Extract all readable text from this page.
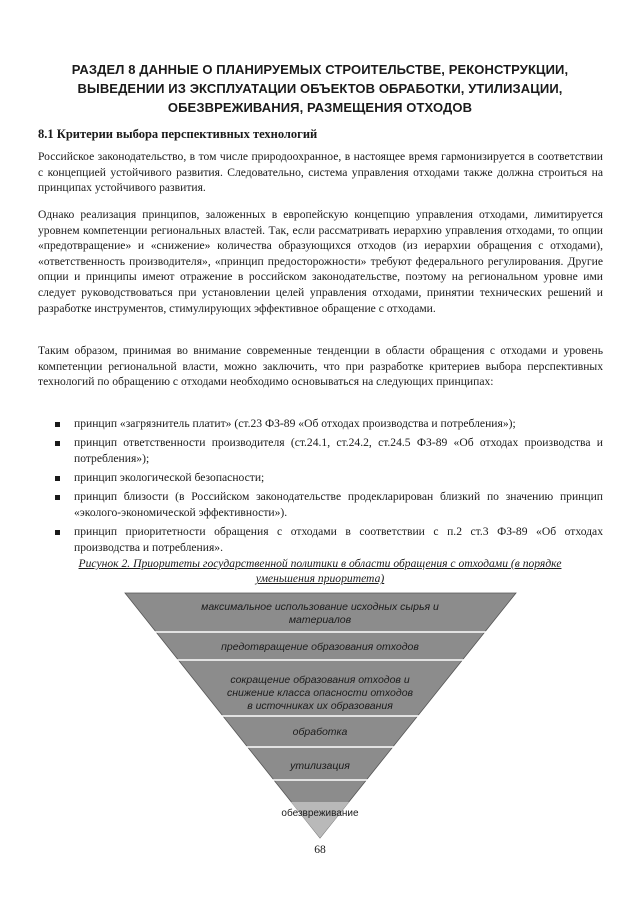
РАЗДЕЛ 8 ДАННЫЕ О ПЛАНИРУЕМЫХ СТРОИТЕЛЬСТВЕ, РЕКОНСТРУКЦИИ,
ВЫВЕДЕНИИ ИЗ ЭКСПЛУАТАЦИИ ОБЪЕКТОВ ОБРАБОТКИ, УТИЛИЗАЦИИ,
ОБЕЗВРЕЖИВАНИЯ, РАЗМЕЩЕНИЯ ОТХОДОВ
8.1 Критерии выбора перспективных технологий

Российское законодательство, в том числе природоохранное, в настоящее время гармонизируется в соответствии с концепцией устойчивого развития. Следовательно, система управления отходами также должна строиться на принципах устойчивого развития.

Однако реализация принципов, заложенных в европейскую концепцию управления отходами, лимитируется уровнем компетенции региональных властей. Так, если рассматривать иерархию управления отходами, то опции «предотвращение» и «снижение» количества образующихся отходов (из иерархии обращения с отходами), «ответственность производителя», «принцип предосторожности» требуют федерального регулирования. Другие опции и принципы имеют отражение в российском законодательстве, поэтому на региональном уровне ими следует руководствоваться при установлении целей управления отходами, принятии технических решений и разработке инструментов, стимулирующих эффективное обращение с отходами.

Таким образом, принимая во внимание современные тенденции в области обращения с отходами и уровень компетенции региональной власти, можно заключить, что при разработке критериев выбора перспективных технологий по обращению с отходами необходимо основываться на следующих принципах:

принцип «загрязнитель платит» (ст.23 ФЗ-89 «Об отходах производства и потребления»);
принцип ответственности производителя (ст.24.1, ст.24.2, ст.24.5 ФЗ-89 «Об отходах производства и потребления»);
принцип экологической безопасности;
принцип близости (в Российском законодательстве продекларирован близкий по значению принцип «эколого-экономической эффективности»).
принцип приоритетности обращения с отходами в соответствии с п.2 ст.3 ФЗ-89 «Об отходах производства и потребления».

Рисунок 2. Приоритеты государственной политики в области обращения с отходами (в порядке
уменьшения приоритета)

максимальное использование исходных сырья и
материалов
предотвращение образования отходов
сокращение образования отходов и
снижение класса опасности отходов
в источниках их образования
обработка
утилизация
обезвреживание

68
